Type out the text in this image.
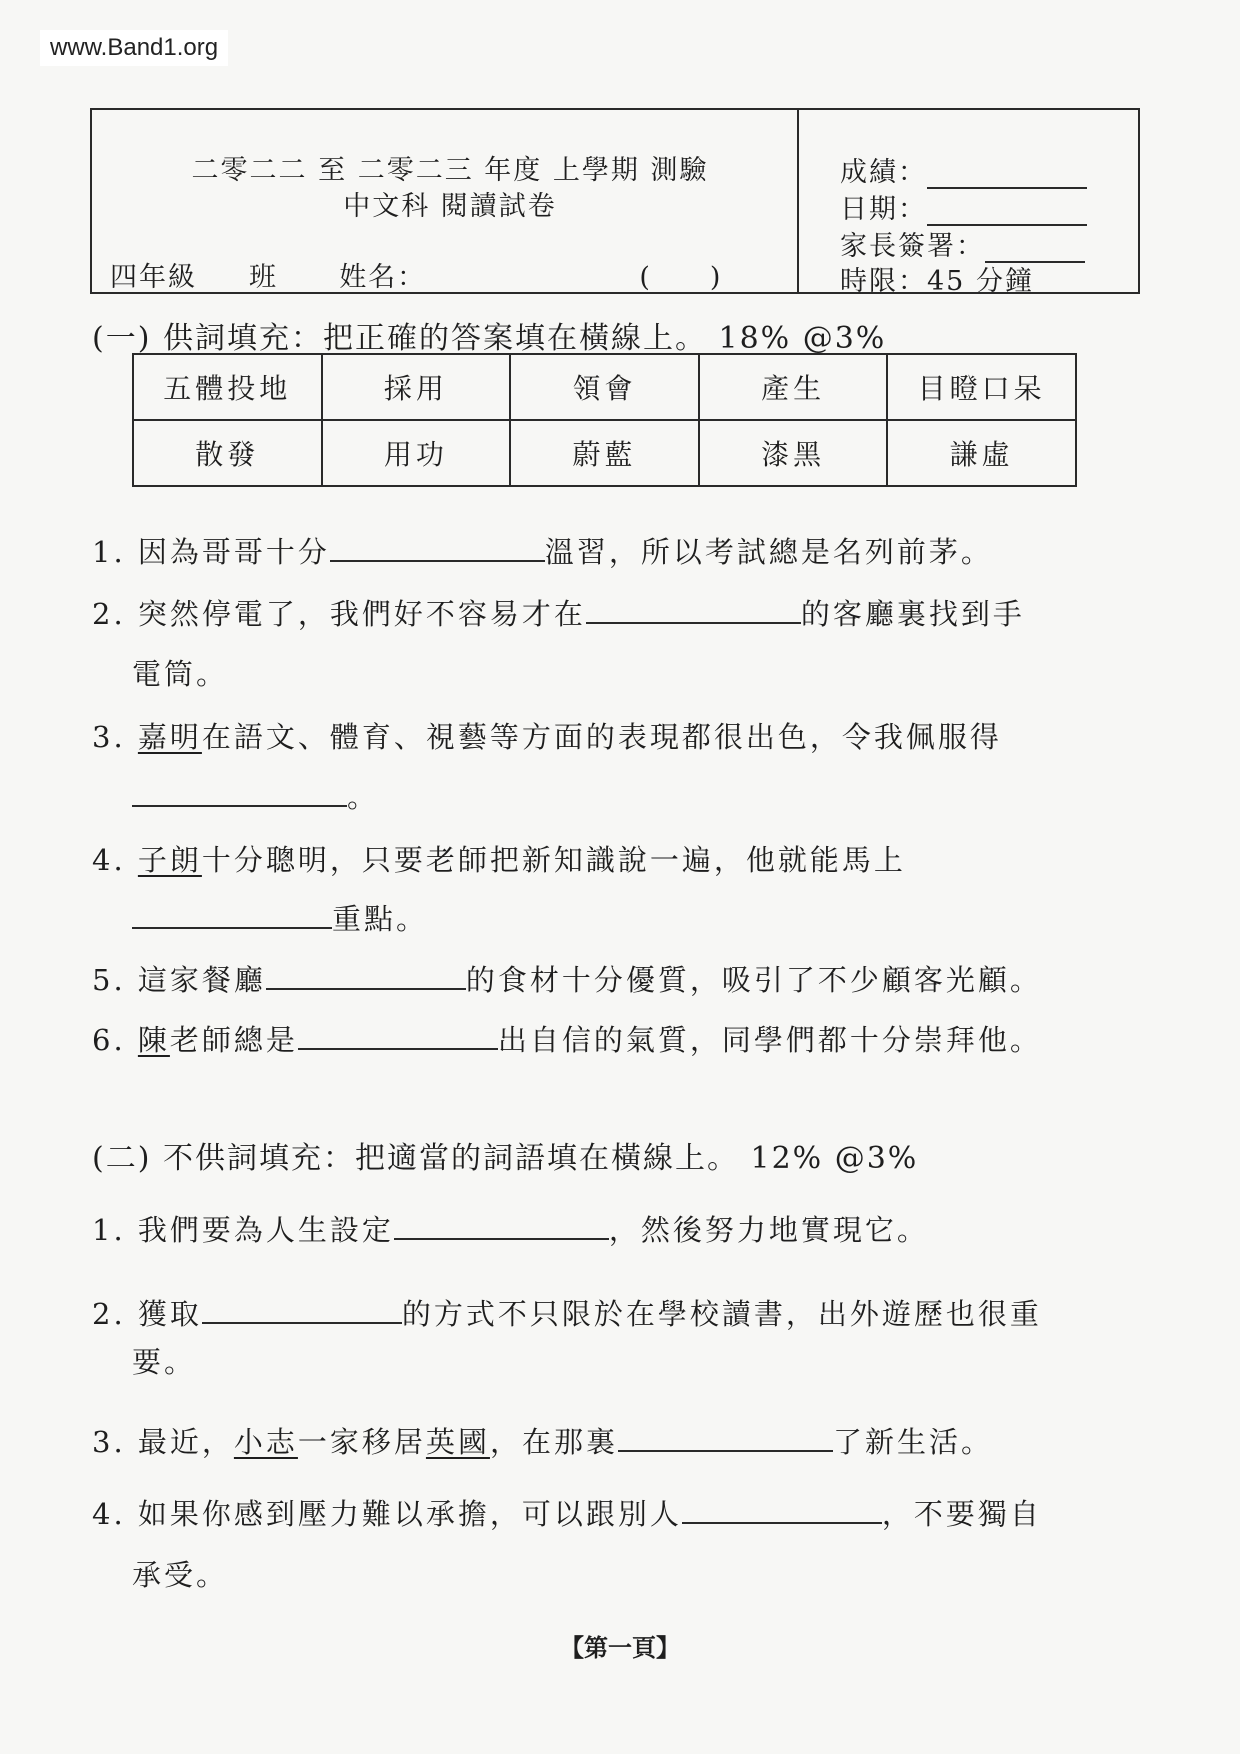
www.Band1.org
二零二二 至 二零二三 年度 上學期 測驗
中文科 閱讀試卷
四年級 班 姓名：	(　　)
成績：
日期：
家長簽署：
時限：45 分鐘
(一) 供詞填充：把正確的答案填在橫線上。 18% @3%
五體投地	採用	領會	產生	目瞪口呆
散發	用功	蔚藍	漆黑	謙虛
1. 因為哥哥十分	溫習，所以考試總是名列前茅。
2. 突然停電了，我們好不容易才在	的客廳裏找到手
電筒。
3. 嘉明在語文、體育、視藝等方面的表現都很出色，令我佩服得
。
4. 子朗十分聰明，只要老師把新知識說一遍，他就能馬上
重點。
5. 這家餐廳	的食材十分優質，吸引了不少顧客光顧。
6. 陳老師總是	出自信的氣質，同學們都十分崇拜他。
(二) 不供詞填充：把適當的詞語填在橫線上。 12% @3%
1. 我們要為人生設定	，然後努力地實現它。
2. 獲取	的方式不只限於在學校讀書，出外遊歷也很重
要。
3. 最近，小志一家移居英國，在那裏	了新生活。
4. 如果你感到壓力難以承擔，可以跟別人	，不要獨自
承受。
【第一頁】
